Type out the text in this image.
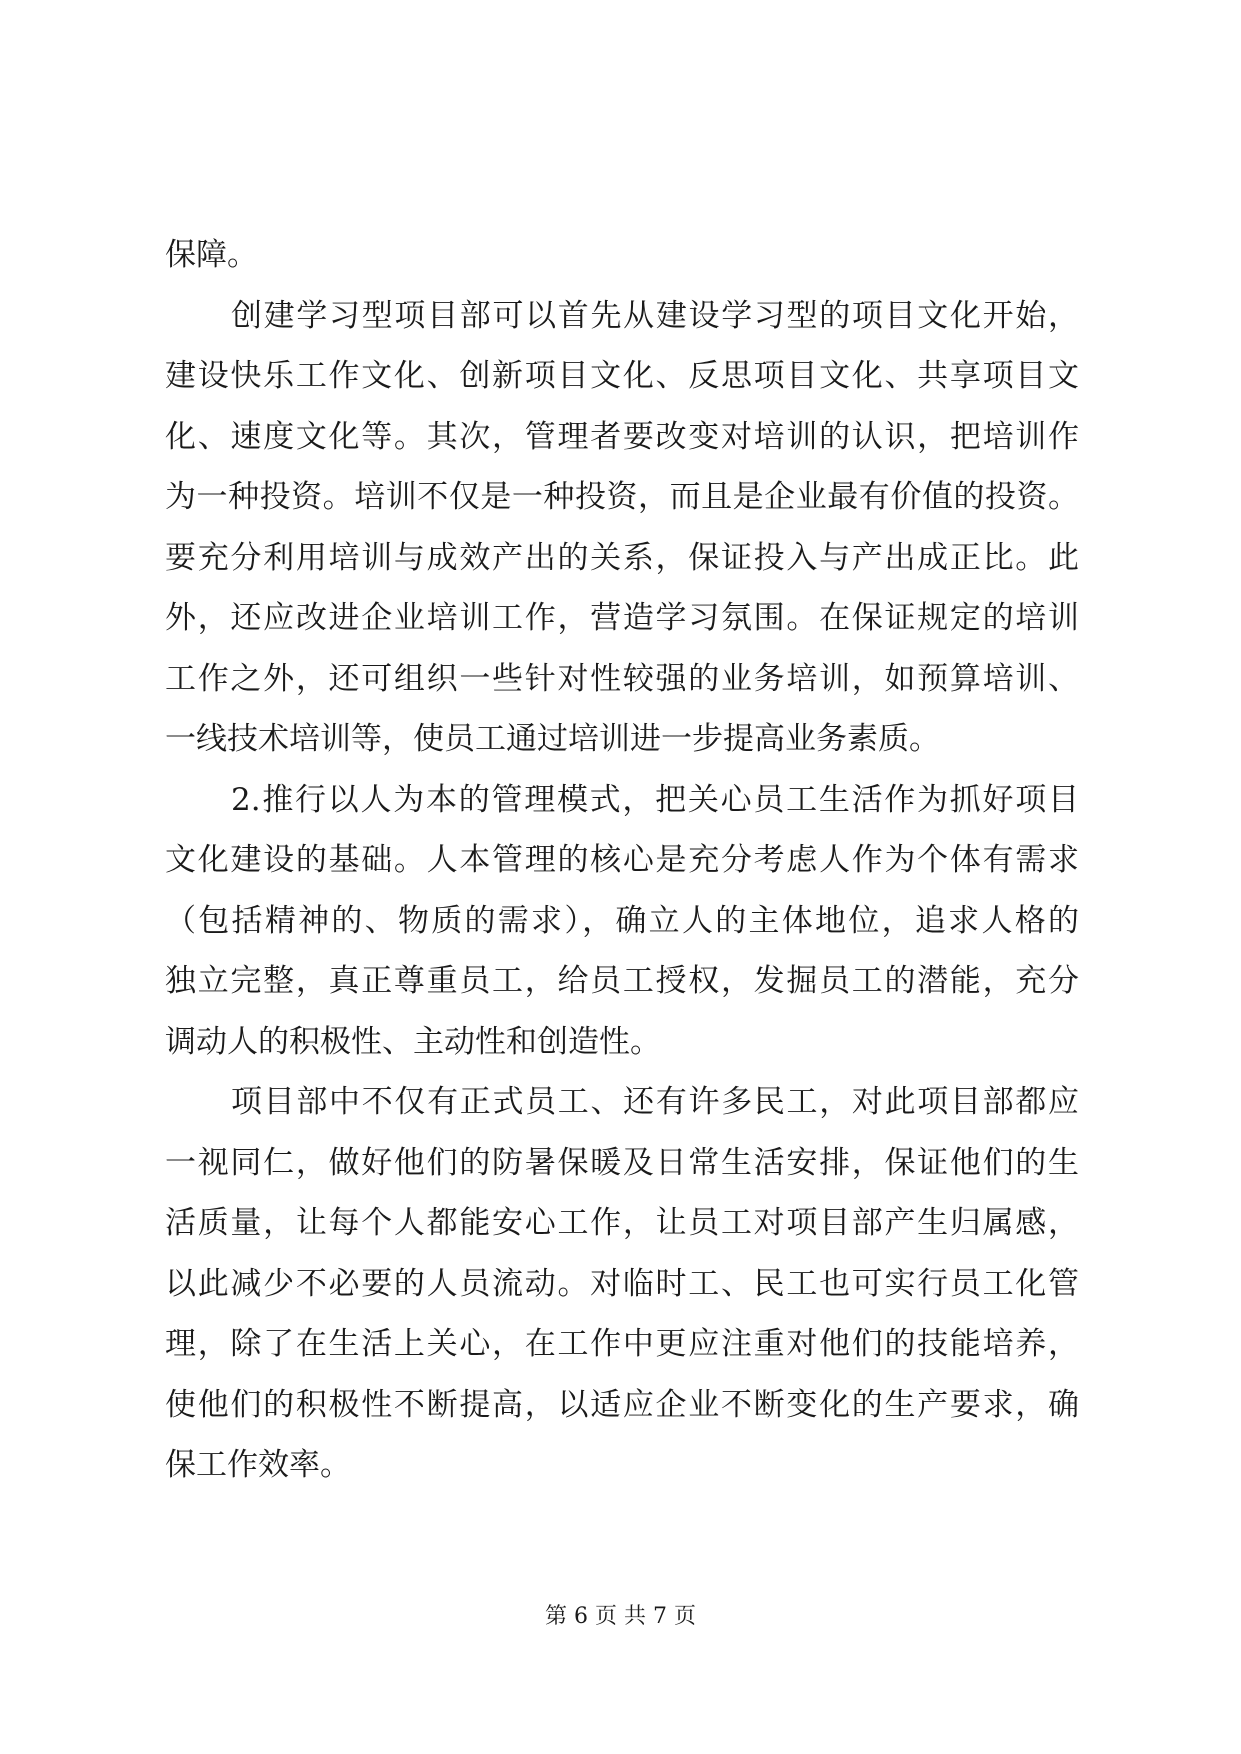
保障。
创建学习型项目部可以首先从建设学习型的项目文化开始，
建设快乐工作文化、创新项目文化、反思项目文化、共享项目文
化、速度文化等。其次，管理者要改变对培训的认识，把培训作
为一种投资。培训不仅是一种投资，而且是企业最有价值的投资。
要充分利用培训与成效产出的关系，保证投入与产出成正比。此
外，还应改进企业培训工作，营造学习氛围。在保证规定的培训
工作之外，还可组织一些针对性较强的业务培训，如预算培训、
一线技术培训等，使员工通过培训进一步提高业务素质。
2.推行以人为本的管理模式，把关心员工生活作为抓好项目
文化建设的基础。人本管理的核心是充分考虑人作为个体有需求
（包括精神的、物质的需求），确立人的主体地位，追求人格的
独立完整，真正尊重员工，给员工授权，发掘员工的潜能，充分
调动人的积极性、主动性和创造性。
项目部中不仅有正式员工、还有许多民工，对此项目部都应
一视同仁，做好他们的防暑保暖及日常生活安排，保证他们的生
活质量，让每个人都能安心工作，让员工对项目部产生归属感，
以此减少不必要的人员流动。对临时工、民工也可实行员工化管
理，除了在生活上关心，在工作中更应注重对他们的技能培养，
使他们的积极性不断提高，以适应企业不断变化的生产要求，确
保工作效率。
第 6 页 共 7 页
